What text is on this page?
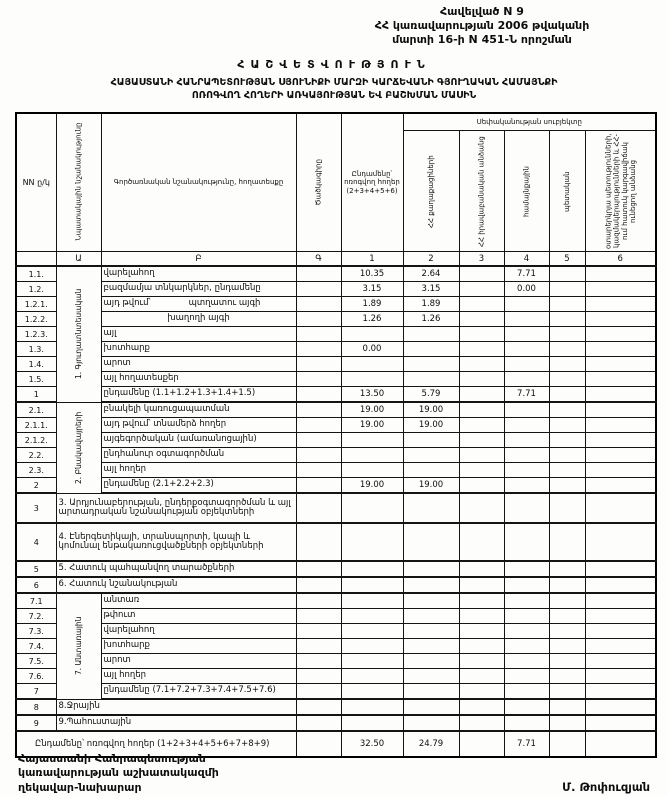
Հավելված N 9
ՀՀ կառավարության 2006 թվականի
մարտի 16-ի N 451-Ն որոշման
ՀԱՇՎԵՏՎՈՒԹՅՈՒՆ
ՀԱՅԱՍՏԱՆԻ ՀԱՆՐԱՊԵՏՈՒԹՅԱՆ ՍՅՈՒՆԻՔԻ ՄԱՐԶԻ ԿԱՐՃԵՎԱՆԻ ԳՅՈՒՂԱԿԱՆ ՀԱՄԱՅՆՔԻ
ՈՌՈԳՎՈՂ ՀՈՂԵՐԻ ԱՌԿԱՅՈՒԹՅԱՆ ԵՎ ԲԱՇԽՄԱՆ ՄԱՍԻՆ
NN ը/կ	Նպատակային նշանակությունը	Գործառնական նշանակությունը, հողատեսքը	Ծածկագիրը	Ընդամենը՝ ոռոգվող հողեր (2+3+4+5+6)	Սեփականության սուբյեկտը				
					ՀՀ քաղաքացիների	ՀՀ իրավաբանական անձանց	համայնքային	պետական	օտարերկրյա պետությունների, կազմակերպությունների և ՀՀ-ում հատուկ կարգավիճակ ունեցող անձանց
	Ա	Բ	Գ	1	2	3	4	5	6
1.1.	1. Գյուղատնտեսական	վարելահող		10.35	2.64		7.71		
1.2.		բազմամյա տնկարկներ, ընդամենը		3.15	3.15		0.00		
1.2.1.		այդ թվում՝ պտղատու այգի		1.89	1.89				
1.2.2.		խաղողի այգի		1.26	1.26				
1.2.3.		այլ							
1.3.		խոտհարք		0.00					
1.4.		արոտ							
1.5.		այլ հողատեսքեր							
1		ընդամենը (1.1+1.2+1.3+1.4+1.5)		13.50	5.79		7.71		
2.1.	2. Բնակավայրերի	բնակելի կառուցապատման		19.00	19.00				
2.1.1.		այդ թվում՝ տնամերձ հողեր		19.00	19.00				
2.1.2.		այգեգործական (ամառանոցային)							
2.2.		ընդհանուր օգտագործման							
2.3.		այլ հողեր							
2		ընդամենը (2.1+2.2+2.3)		19.00	19.00				
3	3. Արդյունաբերության, ընդերքօգտագործման և այլ արտադրական նշանակության օբյեկտների								
4	4. Էներգետիկայի, տրանսպորտի, կապի և կոմունալ ենթակառուցվածքների օբյեկտների								
5	5. Հատուկ պահպանվող տարածքների								
6	6. Հատուկ նշանակության								
7.1	7. Անտառային	անտառ							
7.2.		թփուտ							
7.3.		վարելահող							
7.4.		խոտհարք							
7.5.		արոտ							
7.6.		այլ հողեր							
7		ընդամենը (7.1+7.2+7.3+7.4+7.5+7.6)							
8	8.Ջրային								
9	9.Պահուստային								
Ընդամենը՝ ոռոգվող հողեր (1+2+3+4+5+6+7+8+9)				32.50	24.79		7.71		
Հայաստանի Հանրապետության
կառավարության աշխատակազմի
ղեկավար-նախարար	Մ. Թոփուզյան
